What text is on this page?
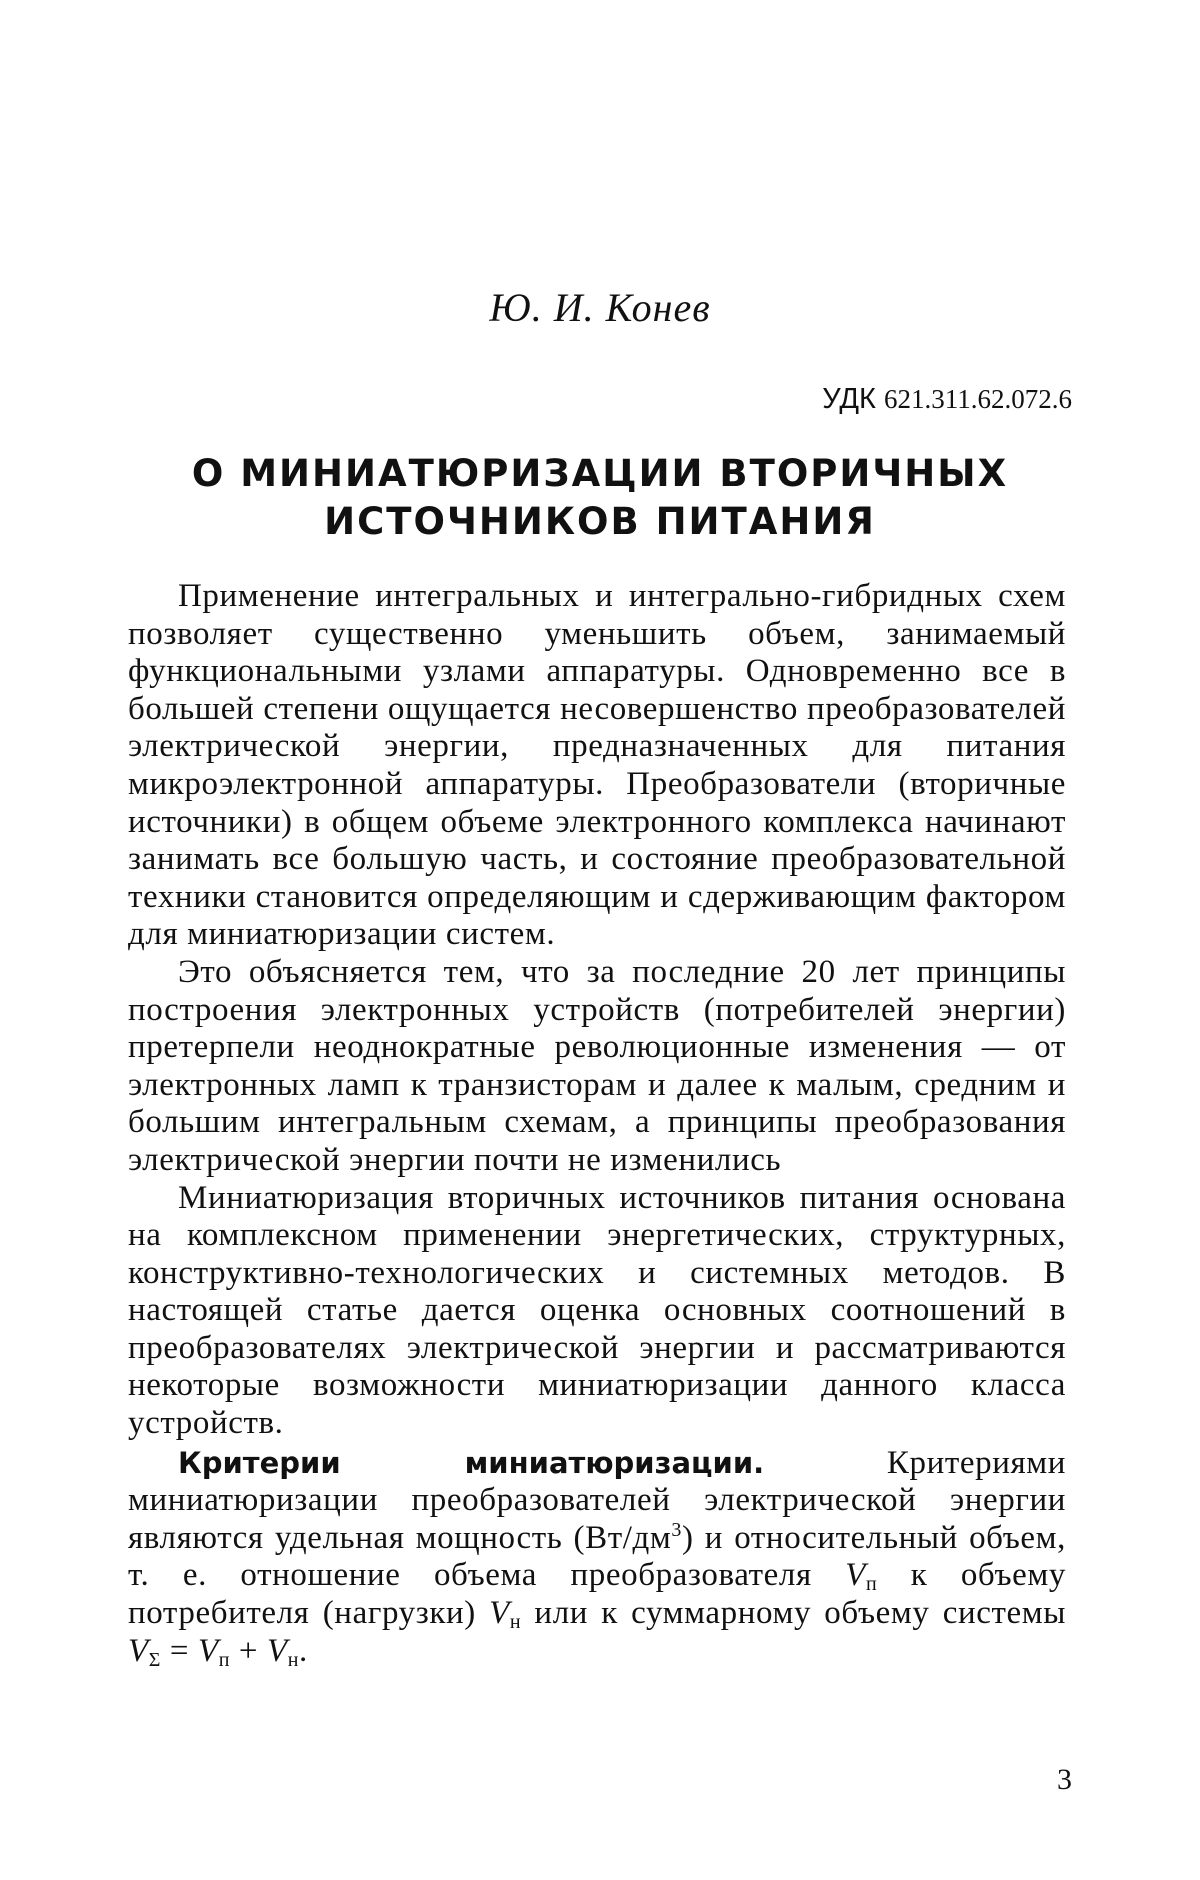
Ю. И. Конев
УДК 621.311.62.072.6
О МИНИАТЮРИЗАЦИИ ВТОРИЧНЫХ
ИСТОЧНИКОВ ПИТАНИЯ

Применение интегральных и интегрально-гибридных схем позволяет существенно уменьшить объем, занимаемый функциональными узлами аппаратуры. Одновременно все в большей степени ощущается несовершенство преобразователей электрической энергии, предназначенных для питания микроэлектронной аппаратуры. Преобразователи (вторичные источники) в общем объеме электронного комплекса начинают занимать все большую часть, и состояние преобразовательной техники становится определяющим и сдерживающим фактором для миниатюризации систем.

Это объясняется тем, что за последние 20 лет принципы построения электронных устройств (потребителей энергии) претерпели неоднократные революционные изменения — от электронных ламп к транзисторам и далее к малым, средним и большим интегральным схемам, а принципы преобразования электрической энергии почти не изменились

Миниатюризация вторичных источников питания основана на комплексном применении энергетических, структурных, конструктивно-технологических и системных методов. В настоящей статье дается оценка основных соотношений в преобразователях электрической энергии и рассматриваются некоторые возможности миниатюризации данного класса устройств.

Критерии миниатюризации. Критериями миниатюризации преобразователей электрической энергии являются удельная мощность $(Вт/дм^3)$ и относительный объем, т. е. отношение объема преобразователя $V_п$ к объему потребителя (нагрузки) $V_н$ или к суммарному объему системы $V_\Sigma = V_п + V_н$.

3
